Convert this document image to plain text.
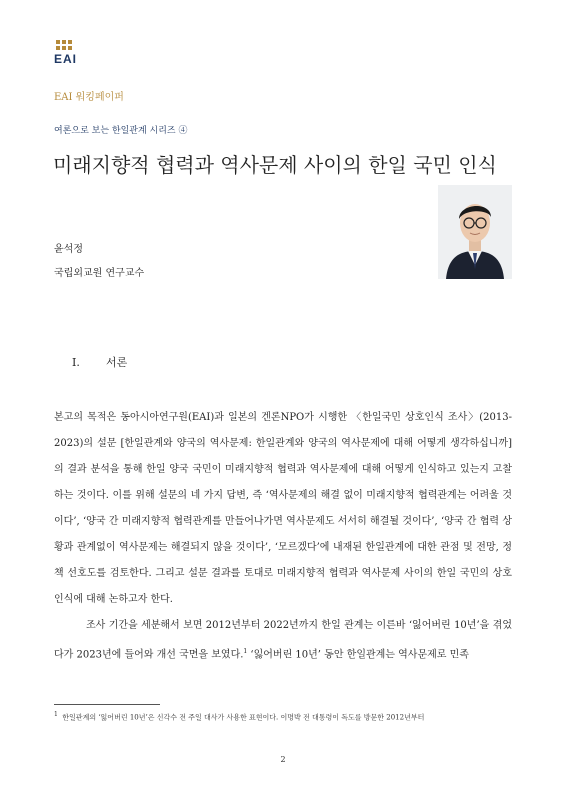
EAI
EAI 워킹페이퍼
여론으로 보는 한일관계 시리즈 ④
미래지향적 협력과 역사문제 사이의 한일 국민 인식
윤석정
국립외교원 연구교수
I. 서론

본고의 목적은 동아시아연구원(EAI)과 일본의 겐론NPO가 시행한 〈한일국민 상호인식 조사〉(2013-2023)의 설문 [한일관계와 양국의 역사문제: 한일관계와 양국의 역사문제에 대해 어떻게 생각하십니까]의 결과 분석을 통해 한일 양국 국민이 미래지향적 협력과 역사문제에 대해 어떻게 인식하고 있는지 고찰하는 것이다. 이를 위해 설문의 네 가지 답변, 즉 ‘역사문제의 해결 없이 미래지향적 협력관계는 어려울 것이다’, ‘양국 간 미래지향적 협력관계를 만들어나가면 역사문제도 서서히 해결될 것이다’, ‘양국 간 협력 상황과 관계없이 역사문제는 해결되지 않을 것이다’, ‘모르겠다’에 내재된 한일관계에 대한 관점 및 전망, 정책 선호도를 검토한다. 그리고 설문 결과를 토대로 미래지향적 협력과 역사문제 사이의 한일 국민의 상호인식에 대해 논하고자 한다.

조사 기간을 세분해서 보면 2012년부터 2022년까지 한일 관계는 이른바 ‘잃어버린 10년’을 겪었다가 2023년에 들어와 개선 국면을 보였다.$^1$ ‘잃어버린 10년’ 동안 한일관계는 역사문제로 민족

$^1$ 한일관계의 ‘잃어버린 10년’은 신각수 전 주일 대사가 사용한 표현이다. 이명박 전 대통령이 독도를 방문한 2012년부터
2
